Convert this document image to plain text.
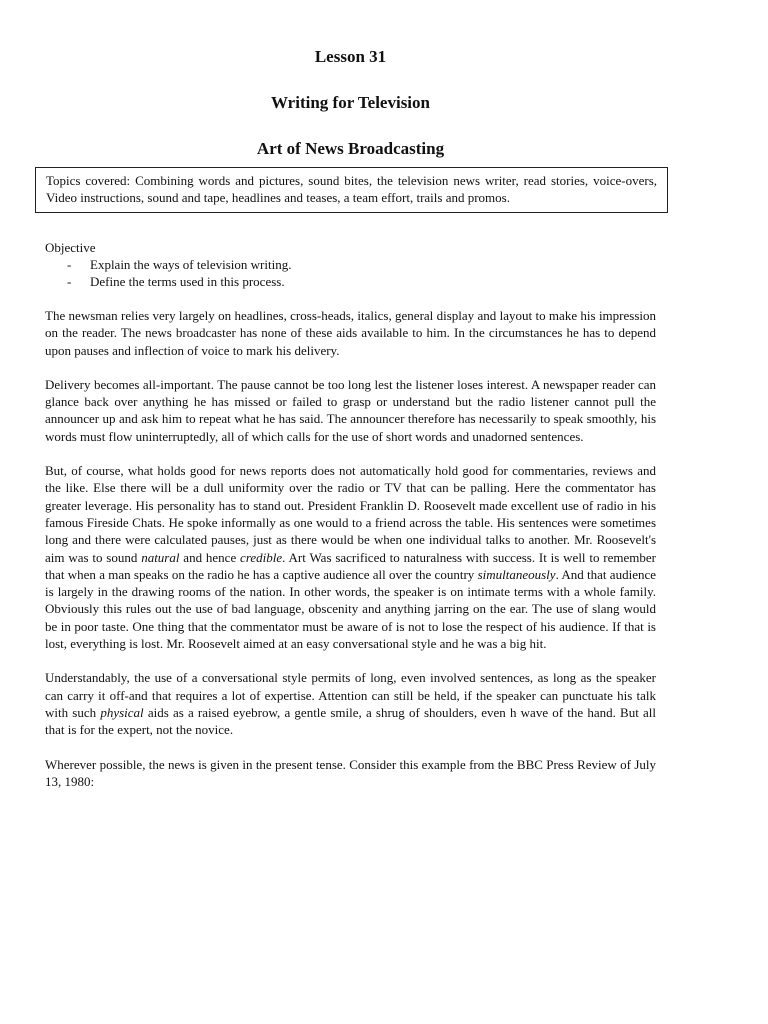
Lesson 31
Writing for Television
Art of News Broadcasting
Topics covered: Combining words and pictures, sound bites, the television news writer, read stories, voice-overs, Video instructions, sound and tape, headlines and teases, a team effort, trails and promos.
Objective
- Explain the ways of television writing.
- Define the terms used in this process.

The newsman relies very largely on headlines, cross-heads, italics, general display and layout to make his impression on the reader. The news broadcaster has none of these aids available to him. In the circumstances he has to depend upon pauses and inflection of voice to mark his delivery.

Delivery becomes all-important. The pause cannot be too long lest the listener loses interest. A newspaper reader can glance back over anything he has missed or failed to grasp or understand but the radio listener cannot pull the announcer up and ask him to repeat what he has said. The announcer therefore has necessarily to speak smoothly, his words must flow uninterruptedly, all of which calls for the use of short words and unadorned sentences.

But, of course, what holds good for news reports does not automatically hold good for commentaries, reviews and the like. Else there will be a dull uniformity over the radio or TV that can be palling. Here the commentator has greater leverage. His personality has to stand out. President Franklin D. Roosevelt made excellent use of radio in his famous Fireside Chats. He spoke informally as one would to a friend across the table. His sentences were sometimes long and there were calculated pauses, just as there would be when one individual talks to another. Mr. Roosevelt's aim was to sound natural and hence credible. Art Was sacrificed to naturalness with success. It is well to remember that when a man speaks on the radio he has a captive audience all over the country simultaneously. And that audience is largely in the drawing rooms of the nation. In other words, the speaker is on intimate terms with a whole family. Obviously this rules out the use of bad language, obscenity and anything jarring on the ear. The use of slang would be in poor taste. One thing that the commentator must be aware of is not to lose the respect of his audience. If that is lost, everything is lost. Mr. Roosevelt aimed at an easy conversational style and he was a big hit.

Understandably, the use of a conversational style permits of long, even involved sentences, as long as the speaker can carry it off-and that requires a lot of expertise. Attention can still be held, if the speaker can punctuate his talk with such physical aids as a raised eyebrow, a gentle smile, a shrug of shoulders, even h wave of the hand. But all that is for the expert, not the novice.

Wherever possible, the news is given in the present tense. Consider this example from the BBC Press Review of July 13, 1980:
